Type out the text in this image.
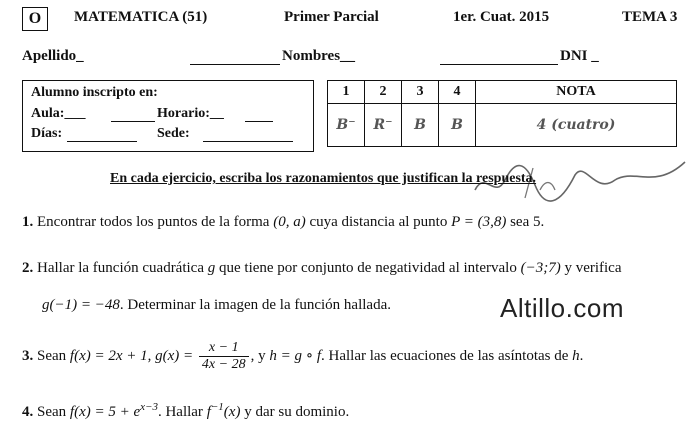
O	MATEMATICA (51)	Primer Parcial	1er. Cuat. 2015	TEMA 3
Apellido_	Nombres__	DNI _
Alumno inscripto en:
Aula:___	Horario:__
Días:	Sede:
1	2	3	4	NOTA
B⁻	R⁻	B	B	4 (cuatro)
En cada ejercicio, escriba los razonamientos que justifican la respuesta.
1. Encontrar todos los puntos de la forma (0, a) cuya distancia al punto P = (3,8) sea 5.
2. Hallar la función cuadrática g que tiene por conjunto de negatividad al intervalo (−3;7) y verifica
g(−1) = −48. Determinar la imagen de la función hallada.	Altillo.com
3. Sean f(x) = 2x + 1, $g(x) = \frac{x - 1}{4x - 28}$ , y h = g ∘ f. Hallar las ecuaciones de las asíntotas de h.
4. Sean $f(x) = 5 + e^{x-3}$. Hallar $f^{-1}(x)$ y dar su dominio.
